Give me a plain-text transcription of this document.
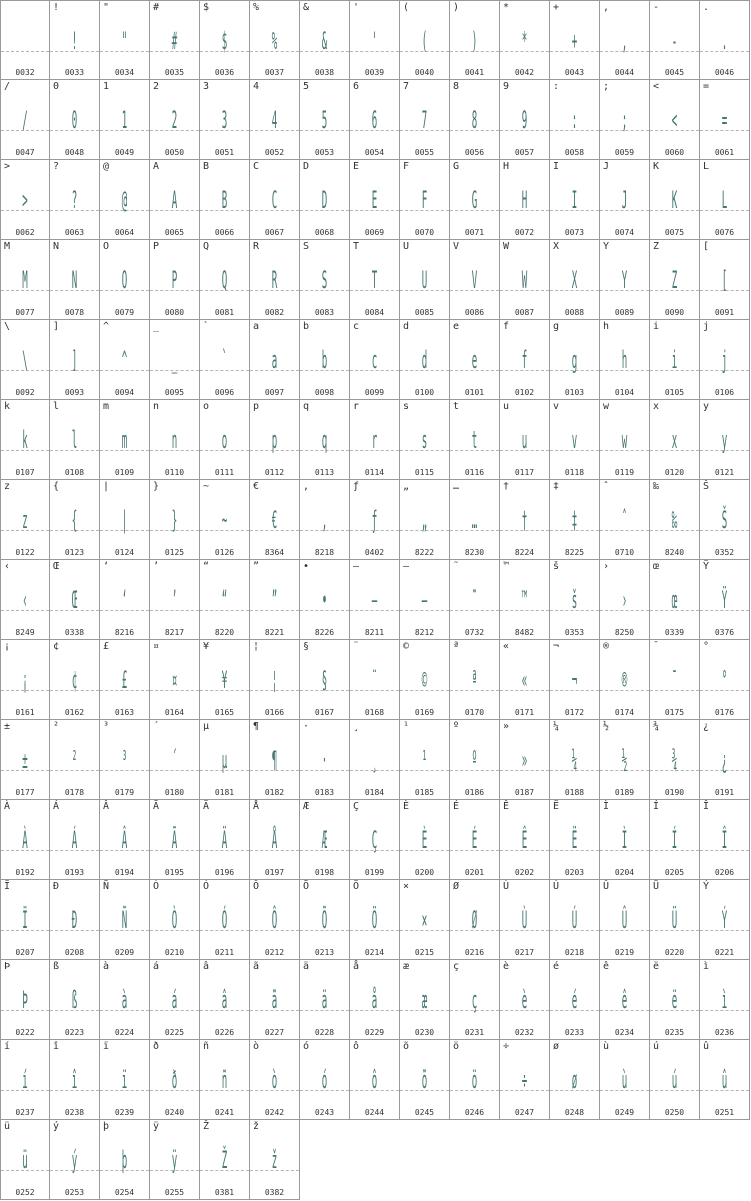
0032
!
!
0033
"
"
0034
#
#
0035
$
$
0036
%
%
0037
&
&
0038
'
'
0039
(
(
0040
)
)
0041
*
*
0042
+
+
0043
,
,
0044
-
-
0045
.
.
0046
/
/
0047
0
0
0048
1
1
0049
2
2
0050
3
3
0051
4
4
0052
5
5
0053
6
6
0054
7
7
0055
8
8
0056
9
9
0057
:
:
0058
;
;
0059
<
<
0060
=
=
0061
>
>
0062
?
?
0063
@
@
0064
A
A
0065
B
B
0066
C
C
0067
D
D
0068
E
E
0069
F
F
0070
G
G
0071
H
H
0072
I
I
0073
J
J
0074
K
K
0075
L
L
0076
M
M
0077
N
N
0078
O
O
0079
P
P
0080
Q
Q
0081
R
R
0082
S
S
0083
T
T
0084
U
U
0085
V
V
0086
W
W
0087
X
X
0088
Y
Y
0089
Z
Z
0090
[
[
0091
\
\
0092
]
]
0093
^
^
0094
_
_
0095
`
`
0096
a
a
0097
b
b
0098
c
c
0099
d
d
0100
e
e
0101
f
f
0102
g
g
0103
h
h
0104
i
i
0105
j
j
0106
k
k
0107
l
l
0108
m
m
0109
n
n
0110
o
o
0111
p
p
0112
q
q
0113
r
r
0114
s
s
0115
t
t
0116
u
u
0117
v
v
0118
w
w
0119
x
x
0120
y
y
0121
z
z
0122
{
{
0123
|
|
0124
}
}
0125
~
~
0126
€
€
8364
‚
‚
8218
ƒ
ƒ
0402
„
„
8222
…
…
8230
†
†
8224
‡
‡
8225
ˆ
ˆ
0710
‰
‰
8240
Š
Š
0352
‹
‹
8249
Œ
Œ
0338
‘
‘
8216
’
’
8217
“
“
8220
”
”
8221
•
•
8226
–
–
8211
—
—
8212
˜
˜
0732
™
™
8482
š
š
0353
›
›
8250
œ
œ
0339
Ÿ
Ÿ
0376
¡
¡
0161
¢
¢
0162
£
£
0163
¤
¤
0164
¥
¥
0165
¦
¦
0166
§
§
0167
¨
¨
0168
©
©
0169
ª
ª
0170
«
«
0171
¬
¬
0172
®
®
0174
¯
¯
0175
°
°
0176
±
±
0177
²
²
0178
³
³
0179
´
´
0180
µ
µ
0181
¶
¶
0182
·
·
0183
¸
¸
0184
¹
¹
0185
º
º
0186
»
»
0187
¼
¼
0188
½
½
0189
¾
¾
0190
¿
¿
0191
À
À
0192
Á
Á
0193
Â
Â
0194
Ã
Ã
0195
Ä
Ä
0196
Å
Å
0197
Æ
Æ
0198
Ç
Ç
0199
È
È
0200
É
É
0201
Ê
Ê
0202
Ë
Ë
0203
Ì
Ì
0204
Í
Í
0205
Î
Î
0206
Ï
Ï
0207
Ð
Ð
0208
Ñ
Ñ
0209
Ò
Ò
0210
Ó
Ó
0211
Ô
Ô
0212
Õ
Õ
0213
Ö
Ö
0214
×
×
0215
Ø
Ø
0216
Ù
Ù
0217
Ú
Ú
0218
Û
Û
0219
Ü
Ü
0220
Ý
Ý
0221
Þ
Þ
0222
ß
ß
0223
à
à
0224
á
á
0225
â
â
0226
ã
ã
0227
ä
ä
0228
å
å
0229
æ
æ
0230
ç
ç
0231
è
è
0232
é
é
0233
ê
ê
0234
ë
ë
0235
ì
ì
0236
í
í
0237
î
î
0238
ï
ï
0239
ð
ð
0240
ñ
ñ
0241
ò
ò
0242
ó
ó
0243
ô
ô
0244
õ
õ
0245
ö
ö
0246
÷
÷
0247
ø
ø
0248
ù
ù
0249
ú
ú
0250
û
û
0251
ü
ü
0252
ý
ý
0253
þ
þ
0254
ÿ
ÿ
0255
Ž
Ž
0381
ž
ž
0382
